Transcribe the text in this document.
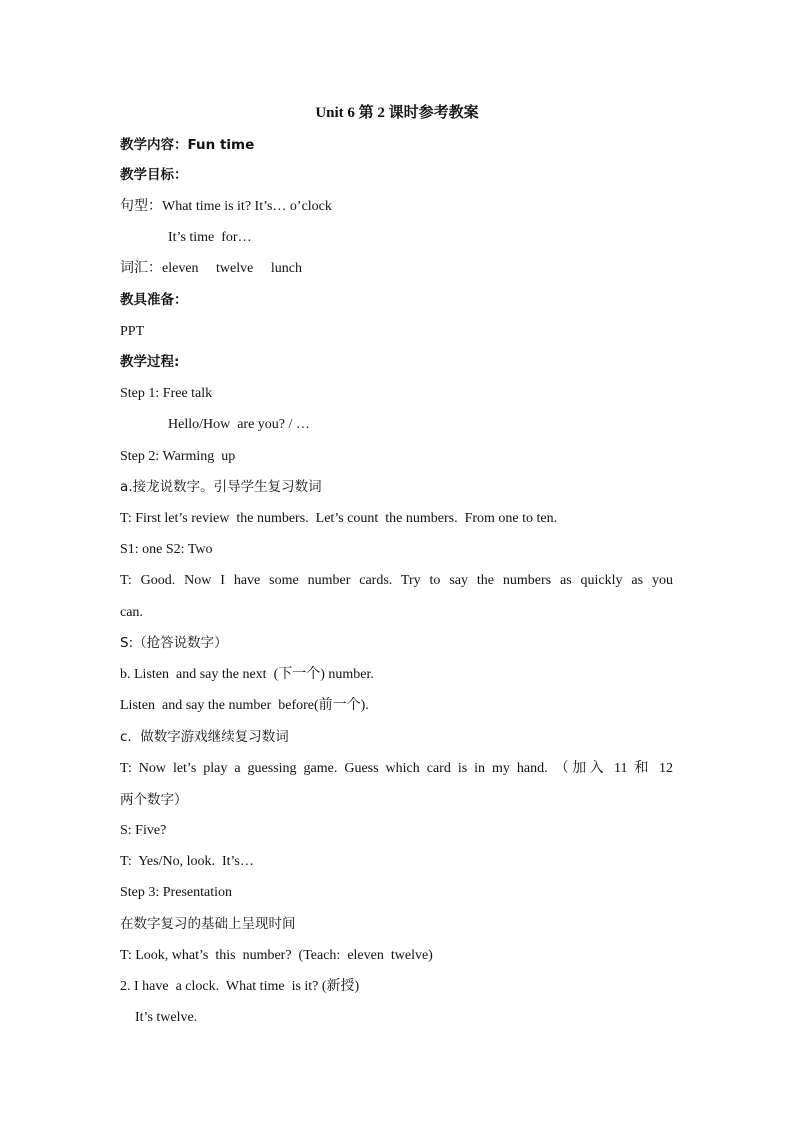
Unit 6 第 2 课时参考教案
教学内容：Fun time
教学目标：
句型：What time is it? It’s… o’clock
It’s time  for…
词汇：eleven     twelve     lunch
教具准备：
PPT
教学过程:
Step 1: Free talk
Hello/How  are you? / …
Step 2: Warming  up
a.接龙说数字。引导学生复习数词
T: First let’s review  the numbers.  Let’s count  the numbers.  From one to ten.
S1: one S2: Two
T: Good. Now I have some number cards. Try to say the numbers as quickly as you
can.
S:（抢答说数字）
b. Listen  and say the next  (下一个) number.
Listen  and say the number  before(前一个).
c.  做数字游戏继续复习数词
T: Now let’s play a guessing game. Guess which card is in my hand. （加入 11 和 12
两个数字）
S: Five?
T:  Yes/No, look.  It’s…
Step 3: Presentation
在数字复习的基础上呈现时间
T: Look, what’s  this  number?  (Teach:  eleven  twelve)
2. I have  a clock.  What time  is it? (新授)
It’s twelve.
